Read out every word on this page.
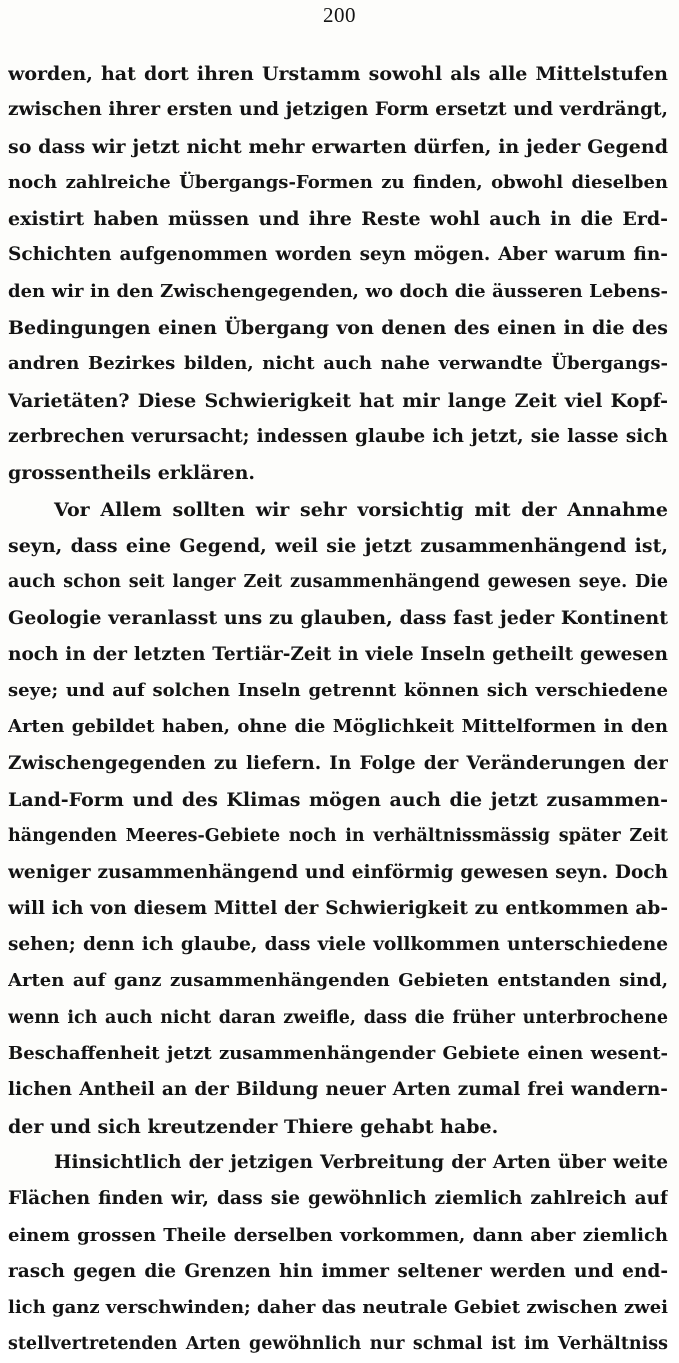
200
worden, hat dort ihren Urstamm sowohl als alle Mittelstufen
zwischen ihrer ersten und jetzigen Form ersetzt und verdrängt,
so dass wir jetzt nicht mehr erwarten dürfen, in jeder Gegend
noch zahlreiche Übergangs-Formen zu finden, obwohl dieselben
existirt haben müssen und ihre Reste wohl auch in die Erd-
Schichten aufgenommen worden seyn mögen. Aber warum fin-
den wir in den Zwischengegenden, wo doch die äusseren Lebens-
Bedingungen einen Übergang von denen des einen in die des
andren Bezirkes bilden, nicht auch nahe verwandte Übergangs-
Varietäten? Diese Schwierigkeit hat mir lange Zeit viel Kopf-
zerbrechen verursacht; indessen glaube ich jetzt, sie lasse sich
grossentheils erklären.
Vor Allem sollten wir sehr vorsichtig mit der Annahme
seyn, dass eine Gegend, weil sie jetzt zusammenhängend ist,
auch schon seit langer Zeit zusammenhängend gewesen seye. Die
Geologie veranlasst uns zu glauben, dass fast jeder Kontinent
noch in der letzten Tertiär-Zeit in viele Inseln getheilt gewesen
seye; und auf solchen Inseln getrennt können sich verschiedene
Arten gebildet haben, ohne die Möglichkeit Mittelformen in den
Zwischengegenden zu liefern. In Folge der Veränderungen der
Land-Form und des Klimas mögen auch die jetzt zusammen-
hängenden Meeres-Gebiete noch in verhältnissmässig später Zeit
weniger zusammenhängend und einförmig gewesen seyn. Doch
will ich von diesem Mittel der Schwierigkeit zu entkommen ab-
sehen; denn ich glaube, dass viele vollkommen unterschiedene
Arten auf ganz zusammenhängenden Gebieten entstanden sind,
wenn ich auch nicht daran zweifle, dass die früher unterbrochene
Beschaffenheit jetzt zusammenhängender Gebiete einen wesent-
lichen Antheil an der Bildung neuer Arten zumal frei wandern-
der und sich kreutzender Thiere gehabt habe.
Hinsichtlich der jetzigen Verbreitung der Arten über weite
Flächen finden wir, dass sie gewöhnlich ziemlich zahlreich auf
einem grossen Theile derselben vorkommen, dann aber ziemlich
rasch gegen die Grenzen hin immer seltener werden und end-
lich ganz verschwinden; daher das neutrale Gebiet zwischen zwei
stellvertretenden Arten gewöhnlich nur schmal ist im Verhältniss
